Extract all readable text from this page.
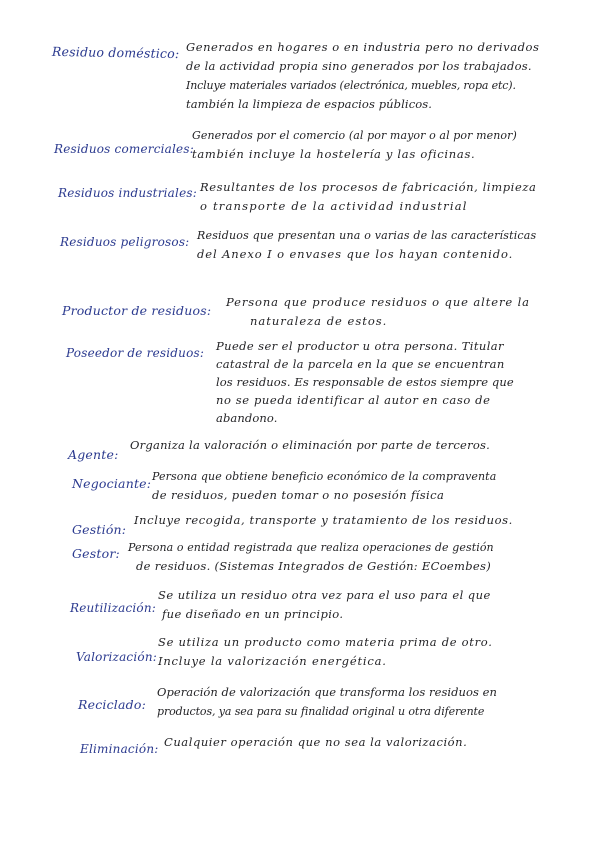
Residuo doméstico: Generados en hogares o en industria pero no derivados
de la actividad propia sino generados por los trabajados.
Incluye materiales variados (electrónica, muebles, ropa etc).
también la limpieza de espacios públicos.
Residuos comerciales:
Generados por el comercio (al por mayor o al por menor)
también incluye la hostelería y las oficinas.
Residuos industriales: Resultantes de los procesos de fabricación, limpieza
o transporte de la actividad industrial
Residuos peligrosos: Residuos que presentan una o varias de las características
del Anexo I o envases que los hayan contenido.
Productor de residuos:
Persona que produce residuos o que altere la
naturaleza de estos.
Poseedor de residuos: Puede ser el productor u otra persona. Titular
catastral de la parcela en la que se encuentran
los residuos. Es responsable de estos siempre que
no se pueda identificar al autor en caso de
abandono.
Agente:
Organiza la valoración o eliminación por parte de terceros.
Negociante: Persona que obtiene beneficio económico de la compraventa
de residuos, pueden tomar o no posesión física
Gestión:
Incluye recogida, transporte y tratamiento de los residuos.
Gestor: Persona o entidad registrada que realiza operaciones de gestión
de residuos. (Sistemas Integrados de Gestión: ECoembes)
Reutilización:
Se utiliza un residuo otra vez para el uso para el que
fue diseñado en un principio.
Valorización:
Se utiliza un producto como materia prima de otro.
Incluye la valorización energética.
Reciclado:
Operación de valorización que transforma los residuos en
productos, ya sea para su finalidad original u otra diferente
Eliminación: Cualquier operación que no sea la valorización.
